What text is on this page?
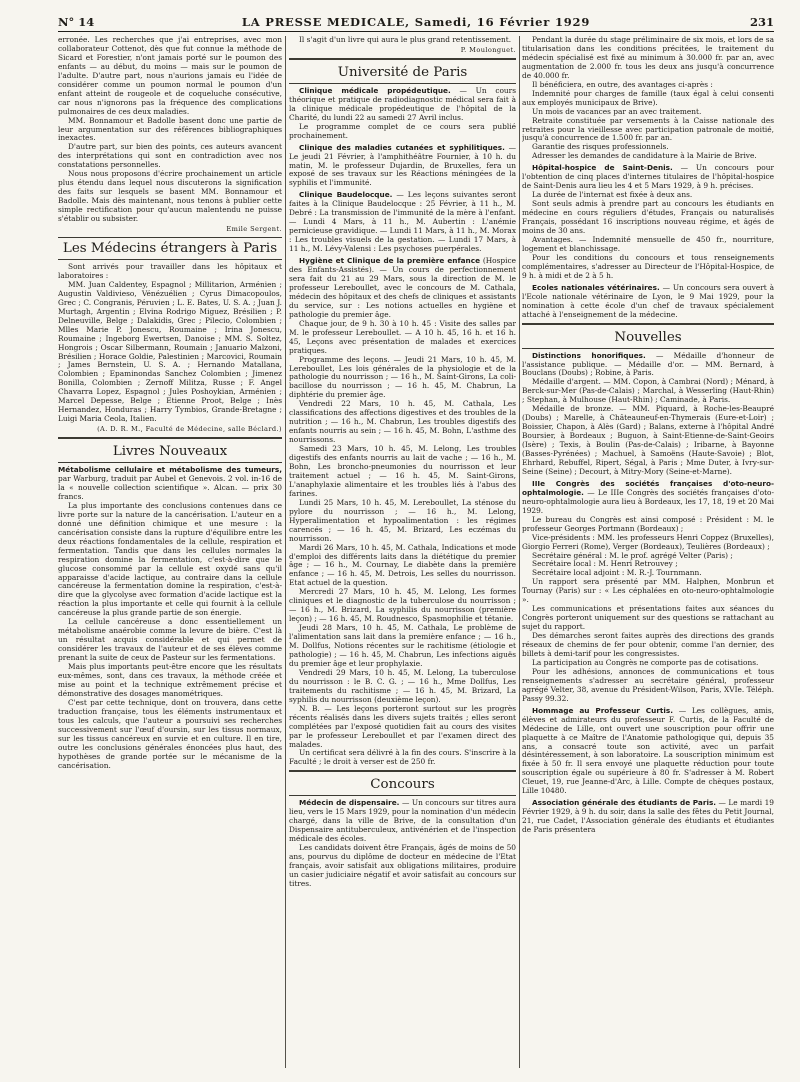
N° 14	LA PRESSE MEDICALE, Samedi, 16 Février 1929	231

erronée. Les recherches que j'ai entreprises, avec mon collaborateur Cottenot, dès que fut connue la méthode de Sicard et Forestier, n'ont jamais porté sur le poumon des enfants — au début, du moins — mais sur le poumon de l'adulte. D'autre part, nous n'aurions jamais eu l'idée de considérer comme un poumon normal le poumon d'un enfant atteint de rougeole et de coqueluche consécutive, car nous n'ignorons pas la fréquence des complications pulmonaires de ces deux maladies.

MM. Bonnamour et Badolle basent donc une partie de leur argumentation sur des références bibliographiques inexactes.

D'autre part, sur bien des points, ces auteurs avancent des interprétations qui sont en contradiction avec nos constatations personnelles.

Nous nous proposons d'écrire prochainement un article plus étendu dans lequel nous discuterons la signification des faits sur lesquels se basent MM. Bonnamour et Badolle. Mais dès maintenant, nous tenons à publier cette simple rectification pour qu'aucun malentendu ne puisse s'établir ou subsister.

Emile Sergent.
Les Médecins étrangers à Paris

Sont arrivés pour travailler dans les hôpitaux et laboratoires :

MM. Juan Caldentey, Espagnol ; Millitarion, Arménien ; Augustin Valdivieso, Vénézuélien ; Cyrus Dimacopoulos, Grec ; C. Congranis, Péruvien ; L. E. Bates, U. S. A. ; Juan J. Murtagh, Argentin ; Elvina Rodrigo Miguez, Brésilien ; P. Delneuville, Belge ; Dalakidis, Grec ; Pilecio, Colombien ; Mlles Marie P. Jonescu, Roumaine ; Irina Jonescu, Roumaine ; Ingeborg Ewertsen, Danoise ; MM. S. Soltez, Hongrois ; Oscar Silbermann, Roumain ; Januario Malzoni, Brésilien ; Horace Goldie, Palestinien ; Marcovici, Roumain ; James Bernstein, U. S. A. ; Hernando Matallana, Colombien ; Epaminondas Sanchez Colombien ; Jimenez Bonilla, Colombien ; Zernoff Militza, Russe ; F. Angel Chavarra Lopez, Espagnol ; Jules Poshoykian, Arménien ; Marcel Depesse, Belge ; Etienne Proot, Belge ; Inès Hernandez, Honduras ; Harry Tymbios, Grande-Bretagne ; Luigi Maria Ceola, Italien.

(A. D. R. M., Faculté de Médecine, salle Béclard.)
Livres Nouveaux

Métabolisme cellulaire et métabolisme des tumeurs, par Warburg, traduit par Aubel et Genevois. 2 vol. in-16 de la « nouvelle collection scientifique ». Alcan. — prix 30 francs.

La plus importante des conclusions contenues dans ce livre porte sur la nature de la cancérisation. L'auteur en a donné une définition chimique et une mesure : la cancérisation consiste dans la rupture d'équilibre entre les deux réactions fondamentales de la cellule, respiration et fermentation. Tandis que dans les cellules normales la respiration domine la fermentation, c'est-à-dire que le glucose consommé par la cellule est oxydé sans qu'il apparaisse d'acide lactique, au contraire dans la cellule cancéreuse la fermentation domine la respiration, c'est-à-dire que la glycolyse avec formation d'acide lactique est la réaction la plus importante et celle qui fournit à la cellule cancéreuse la plus grande partie de son énergie.

La cellule cancéreuse a donc essentiellement un métabolisme anaérobie comme la levure de bière. C'est là un résultat acquis considérable et qui permet de considérer les travaux de l'auteur et de ses élèves comme prenant la suite de ceux de Pasteur sur les fermentations.

Mais plus importants peut-être encore que les résultats eux-mêmes, sont, dans ces travaux, la méthode créée et mise au point et la technique extrêmement précise et démonstrative des dosages manométriques.

C'est par cette technique, dont on trouvera, dans cette traduction française, tous les éléments instrumentaux et tous les calculs, que l'auteur a poursuivi ses recherches successivement sur l'œuf d'oursin, sur les tissus normaux, sur les tissus cancéreux en survie et en culture. Il en tire, outre les conclusions générales énoncées plus haut, des hypothèses de grande portée sur le mécanisme de la cancérisation.

Il s'agit d'un livre qui aura le plus grand retentissement.

P. Moulonguet.
Université de Paris

Clinique médicale propédeutique. — Un cours théorique et pratique de radiodiagnostic médical sera fait à la clinique médicale propédeutique de l'hôpital de la Charité, du lundi 22 au samedi 27 Avril inclus.

Le programme complet de ce cours sera publié prochainement.

Clinique des maladies cutanées et syphilitiques. — Le jeudi 21 Février, à l'amphithéâtre Fournier, à 10 h. du matin, M. le professeur Dujardin, de Bruxelles, fera un exposé de ses travaux sur les Réactions méningées de la syphilis et l'immunité.

Clinique Baudelocque. — Les leçons suivantes seront faites à la Clinique Baudelocque : 25 Février, à 11 h., M. Debré : La transmission de l'immunité de la mère à l'enfant. — Lundi 4 Mars, à 11 h., M. Aubertin : L'anémie pernicieuse gravidique. — Lundi 11 Mars, à 11 h., M. Morax : Les troubles visuels de la gestation. — Lundi 17 Mars, à 11 h., M. Lévy-Valensi : Les psychoses puerpérales.

Hygiène et Clinique de la première enfance (Hospice des Enfants-Assistés). — Un cours de perfectionnement sera fait du 21 au 29 Mars, sous la direction de M. le professeur Lereboullet, avec le concours de M. Cathala, médecin des hôpitaux et des chefs de cliniques et assistants du service, sur : Les notions actuelles en hygiène et pathologie du premier âge.

Chaque jour, de 9 h. 30 à 10 h. 45 : Visite des salles par M. le professeur Lereboullet. — A 10 h. 45, 16 h. et 16 h. 45, Leçons avec présentation de malades et exercices pratiques.

Programme des leçons. — Jeudi 21 Mars, 10 h. 45, M. Lereboullet, Les lois générales de la physiologie et de la pathologie du nourrisson ; — 16 h., M. Saint-Girons, La coli-bacillose du nourrisson ; — 16 h. 45, M. Chabrun, La diphtérie du premier âge.

Vendredi 22 Mars, 10 h. 45, M. Cathala, Les classifications des affections digestives et des troubles de la nutrition ; — 16 h., M. Chabrun, Les troubles digestifs des enfants nourris au sein ; — 16 h. 45, M. Bohn, L'asthme des nourrissons.

Samedi 23 Mars, 10 h. 45, M. Lelong, Les troubles digestifs des enfants nourris au lait de vache ; — 16 h., M. Bohn, Les broncho-pneumonies du nourrisson et leur traitement actuel ; — 16 h. 45, M. Saint-Girons, L'anaphylaxie alimentaire et les troubles liés à l'abus des farines.

Lundi 25 Mars, 10 h. 45, M. Lereboullet, La sténose du pylore du nourrisson ; — 16 h., M. Lelong, Hyperalimentation et hypoalimentation : les régimes carencés ; — 16 h. 45, M. Brizard, Les eczémas du nourrisson.

Mardi 26 Mars, 10 h. 45, M. Cathala, Indications et mode d'emploi des différents laits dans la diététique du premier âge ; — 16 h., M. Cournay, Le diabète dans la première enfance ; — 16 h. 45, M. Detrois, Les selles du nourrisson. Etat actuel de la question.

Mercredi 27 Mars, 10 h. 45, M. Lelong, Les formes cliniques et le diagnostic de la tuberculose du nourrisson ; — 16 h., M. Brizard, La syphilis du nourrisson (première leçon) ; — 16 h. 45, M. Roudnesco, Spasmophilie et tétanie.

Jeudi 28 Mars, 10 h. 45, M. Cathala, Le problème de l'alimentation sans lait dans la première enfance ; — 16 h., M. Dollfus, Notions récentes sur le rachitisme (étiologie et pathologie) ; — 16 h. 45, M. Chabrun, Les infections aiguës du premier âge et leur prophylaxie.

Vendredi 29 Mars, 10 h. 45, M. Lelong, La tuberculose du nourrisson : le B. C. G. ; — 16 h., Mme Dollfus, Les traitements du rachitisme ; — 16 h. 45, M. Brizard, La syphilis du nourrisson (deuxième leçon).

N. B. — Les leçons porteront surtout sur les progrès récents réalisés dans les divers sujets traités ; elles seront complétées par l'exposé quotidien fait au cours des visites par le professeur Lereboullet et par l'examen direct des malades.

Un certificat sera délivré à la fin des cours. S'inscrire à la Faculté ; le droit à verser est de 250 fr.

Concours

Médecin de dispensaire. — Un concours sur titres aura lieu, vers le 15 Mars 1929, pour la nomination d'un médecin chargé, dans la ville de Brive, de la consultation d'un Dispensaire antituberculeux, antivénérien et de l'inspection médicale des écoles.

Les candidats doivent être Français, âgés de moins de 50 ans, pourvus du diplôme de docteur en médecine de l'Etat français, avoir satisfait aux obligations militaires, produire un casier judiciaire négatif et avoir satisfait au concours sur titres.

Pendant la durée du stage préliminaire de six mois, et lors de sa titularisation dans les conditions précitées, le traitement du médecin spécialisé est fixé au minimum à 30.000 fr. par an, avec augmentation de 2.000 fr. tous les deux ans jusqu'à concurrence de 40.000 fr.

Il bénéficiera, en outre, des avantages ci-après :

Indemnité pour charges de famille (taux égal à celui consenti aux employés municipaux de Brive).

Un mois de vacances par an avec traitement.

Retraite constituée par versements à la Caisse nationale des retraites pour la vieillesse avec participation patronale de moitié, jusqu'à concurrence de 1.500 fr. par an.

Garantie des risques professionnels.

Adresser les demandes de candidature à la Mairie de Brive.

Hôpital-hospice de Saint-Denis. — Un concours pour l'obtention de cinq places d'internes titulaires de l'hôpital-hospice de Saint-Denis aura lieu les 4 et 5 Mars 1929, à 9 h. précises.

La durée de l'internat est fixée à deux ans.

Sont seuls admis à prendre part au concours les étudiants en médecine en cours réguliers d'études, Français ou naturalisés Français, possédant 16 inscriptions nouveau régime, et âgés de moins de 30 ans.

Avantages. — Indemnité mensuelle de 450 fr., nourriture, logement et blanchissage.

Pour les conditions du concours et tous renseignements complémentaires, s'adresser au Directeur de l'Hôpital-Hospice, de 9 h. à midi et de 2 à 5 h.

Ecoles nationales vétérinaires. — Un concours sera ouvert à l'Ecole nationale vétérinaire de Lyon, le 9 Mai 1929, pour la nomination à cette école d'un chef de travaux spécialement attaché à l'enseignement de la médecine.

Nouvelles

Distinctions honorifiques. — Médaille d'honneur de l'assistance publique. — Médaille d'or. — MM. Bernard, à Bouclans (Doubs) ; Robine, à Paris.

Médaille d'argent. — MM. Copon, à Cambrai (Nord) ; Ménard, à Berck-sur-Mer (Pas-de-Calais) ; Marchal, à Wesserling (Haut-Rhin) ; Stephan, à Mulhouse (Haut-Rhin) ; Caminade, à Paris.

Médaille de bronze. — MM. Piquard, à Roche-les-Beaupré (Doubs) ; Marelle, à Châteauneuf-en-Thymerais (Eure-et-Loir) ; Boissier, Chapon, à Alès (Gard) ; Balans, externe à l'hôpital André Boursier, à Bordeaux ; Buguon, à Saint-Etienne-de-Saint-Geoirs (Isère) ; Texis, à Boulin (Pas-de-Calais) ; Iribarne, à Bayonne (Basses-Pyrénées) ; Machuel, à Samoëns (Haute-Savoie) ; Blot, Ehrhard, Rebuffel, Ripert, Ségal, à Paris ; Mme Duter, à Ivry-sur-Seine (Seine) ; Decourt, à Mitry-Mory (Seine-et-Marne).

IIIe Congrès des sociétés françaises d'oto-neuro-ophtalmologie. — Le IIIe Congrès des sociétés françaises d'oto-neuro-ophtalmologie aura lieu à Bordeaux, les 17, 18, 19 et 20 Mai 1929.

Le bureau du Congrès est ainsi composé : Président : M. le professeur Georges Portmann (Bordeaux) ;

Vice-présidents : MM. les professeurs Henri Coppez (Bruxelles), Giorgio Ferreri (Rome), Verger (Bordeaux), Teulières (Bordeaux) ;

Secrétaire général : M. le prof. agrégé Velter (Paris) ;

Secrétaire local : M. Henri Retrouvey ;

Secrétaire local adjoint : M. R.-J. Tournmann.

Un rapport sera présenté par MM. Halphen, Monbrun et Tournay (Paris) sur : « Les céphalées en oto-neuro-ophtalmologie ».

Les communications et présentations faites aux séances du Congrès porteront uniquement sur des questions se rattachant au sujet du rapport.

Des démarches seront faites auprès des directions des grands réseaux de chemins de fer pour obtenir, comme l'an dernier, des billets à demi-tarif pour les congressistes.

La participation au Congrès ne comporte pas de cotisations.

Pour les adhésions, annonces de communications et tous renseignements s'adresser au secrétaire général, professeur agrégé Velter, 38, avenue du Président-Wilson, Paris, XVIe. Téléph. Passy 99.32.

Hommage au Professeur Curtis. — Les collègues, amis, élèves et admirateurs du professeur F. Curtis, de la Faculté de Médecine de Lille, ont ouvert une souscription pour offrir une plaquette à ce Maître de l'Anatomie pathologique qui, depuis 35 ans, a consacré toute son activité, avec un parfait désintéressement, à son laboratoire. La souscription minimum est fixée à 50 fr. Il sera envoyé une plaquette réduction pour toute souscription égale ou supérieure à 80 fr. S'adresser à M. Robert Cleuet, 19, rue Jeanne-d'Arc, à Lille. Compte de chèques postaux, Lille 10480.

Association générale des étudiants de Paris. — Le mardi 19 Février 1929, à 9 h. du soir, dans la salle des fêtes du Petit Journal, 21, rue Cadet, l'Association générale des étudiants et étudiantes de Paris présentera
